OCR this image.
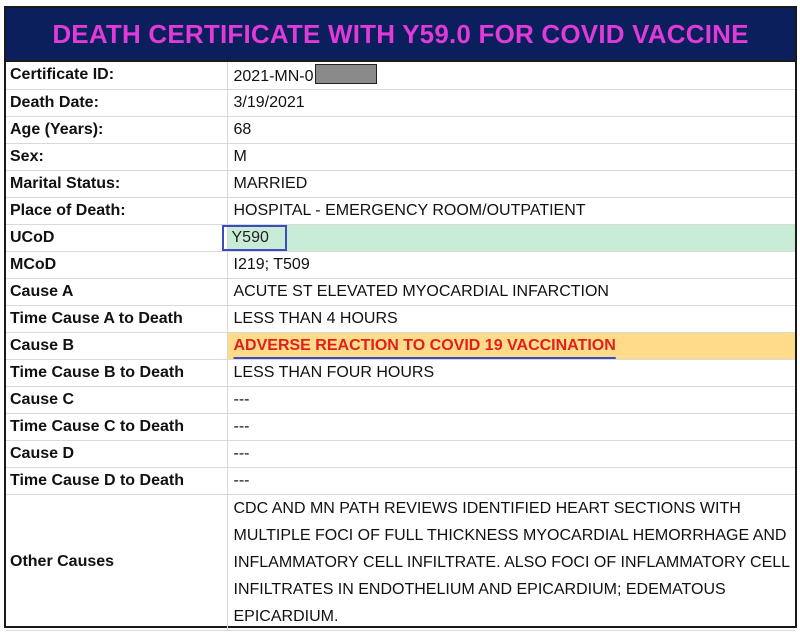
DEATH CERTIFICATE WITH Y59.0 FOR COVID VACCINE
Certificate ID:	2021-MN-0
Death Date:	3/19/2021
Age (Years):	68
Sex:	M
Marital Status:	MARRIED
Place of Death:	HOSPITAL - EMERGENCY ROOM/OUTPATIENT
UCoD	Y590
MCoD	I219; T509
Cause A	ACUTE ST ELEVATED MYOCARDIAL INFARCTION
Time Cause A to Death	LESS THAN 4 HOURS
Cause B	ADVERSE REACTION TO COVID 19 VACCINATION
Time Cause B to Death	LESS THAN FOUR HOURS
Cause C	---
Time Cause C to Death	---
Cause D	---
Time Cause D to Death	---
Other Causes	CDC AND MN PATH REVIEWS IDENTIFIED HEART SECTIONS WITH MULTIPLE FOCI OF FULL THICKNESS MYOCARDIAL HEMORRHAGE AND INFLAMMATORY CELL INFILTRATE. ALSO FOCI OF INFLAMMATORY CELL INFILTRATES IN ENDOTHELIUM AND EPICARDIUM; EDEMATOUS EPICARDIUM.
